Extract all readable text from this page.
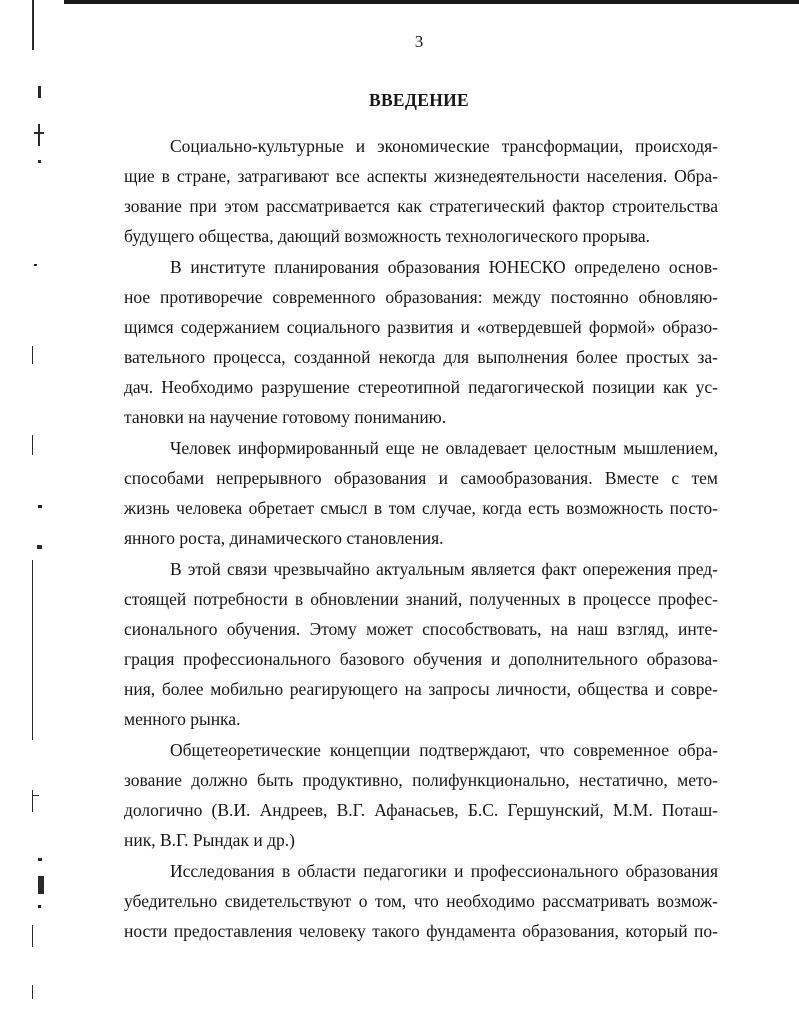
3
ВВЕДЕНИЕ
Социально-культурные и экономические трансформации, происходя-
щие в стране, затрагивают все аспекты жизнедеятельности населения. Обра-
зование при этом рассматривается как стратегический фактор строительства
будущего общества, дающий возможность технологического прорыва.
В институте планирования образования ЮНЕСКО определено основ-
ное противоречие современного образования: между постоянно обновляю-
щимся содержанием социального развития и «отвердевшей формой» образо-
вательного процесса, созданной некогда для выполнения более простых за-
дач. Необходимо разрушение стереотипной педагогической позиции как ус-
тановки на научение готовому пониманию.
Человек информированный еще не овладевает целостным мышлением,
способами непрерывного образования и самообразования. Вместе с тем
жизнь человека обретает смысл в том случае, когда есть возможность посто-
янного роста, динамического становления.
В этой связи чрезвычайно актуальным является факт опережения пред-
стоящей потребности в обновлении знаний, полученных в процессе профес-
сионального обучения. Этому может способствовать, на наш взгляд, инте-
грация профессионального базового обучения и дополнительного образова-
ния, более мобильно реагирующего на запросы личности, общества и совре-
менного рынка.
Общетеоретические концепции подтверждают, что современное обра-
зование должно быть продуктивно, полифункционально, нестатично, мето-
дологично (В.И. Андреев, В.Г. Афанасьев, Б.С. Гершунский, М.М. Поташ-
ник, В.Г. Рындак и др.)
Исследования в области педагогики и профессионального образования
убедительно свидетельствуют о том, что необходимо рассматривать возмож-
ности предоставления человеку такого фундамента образования, который по-
